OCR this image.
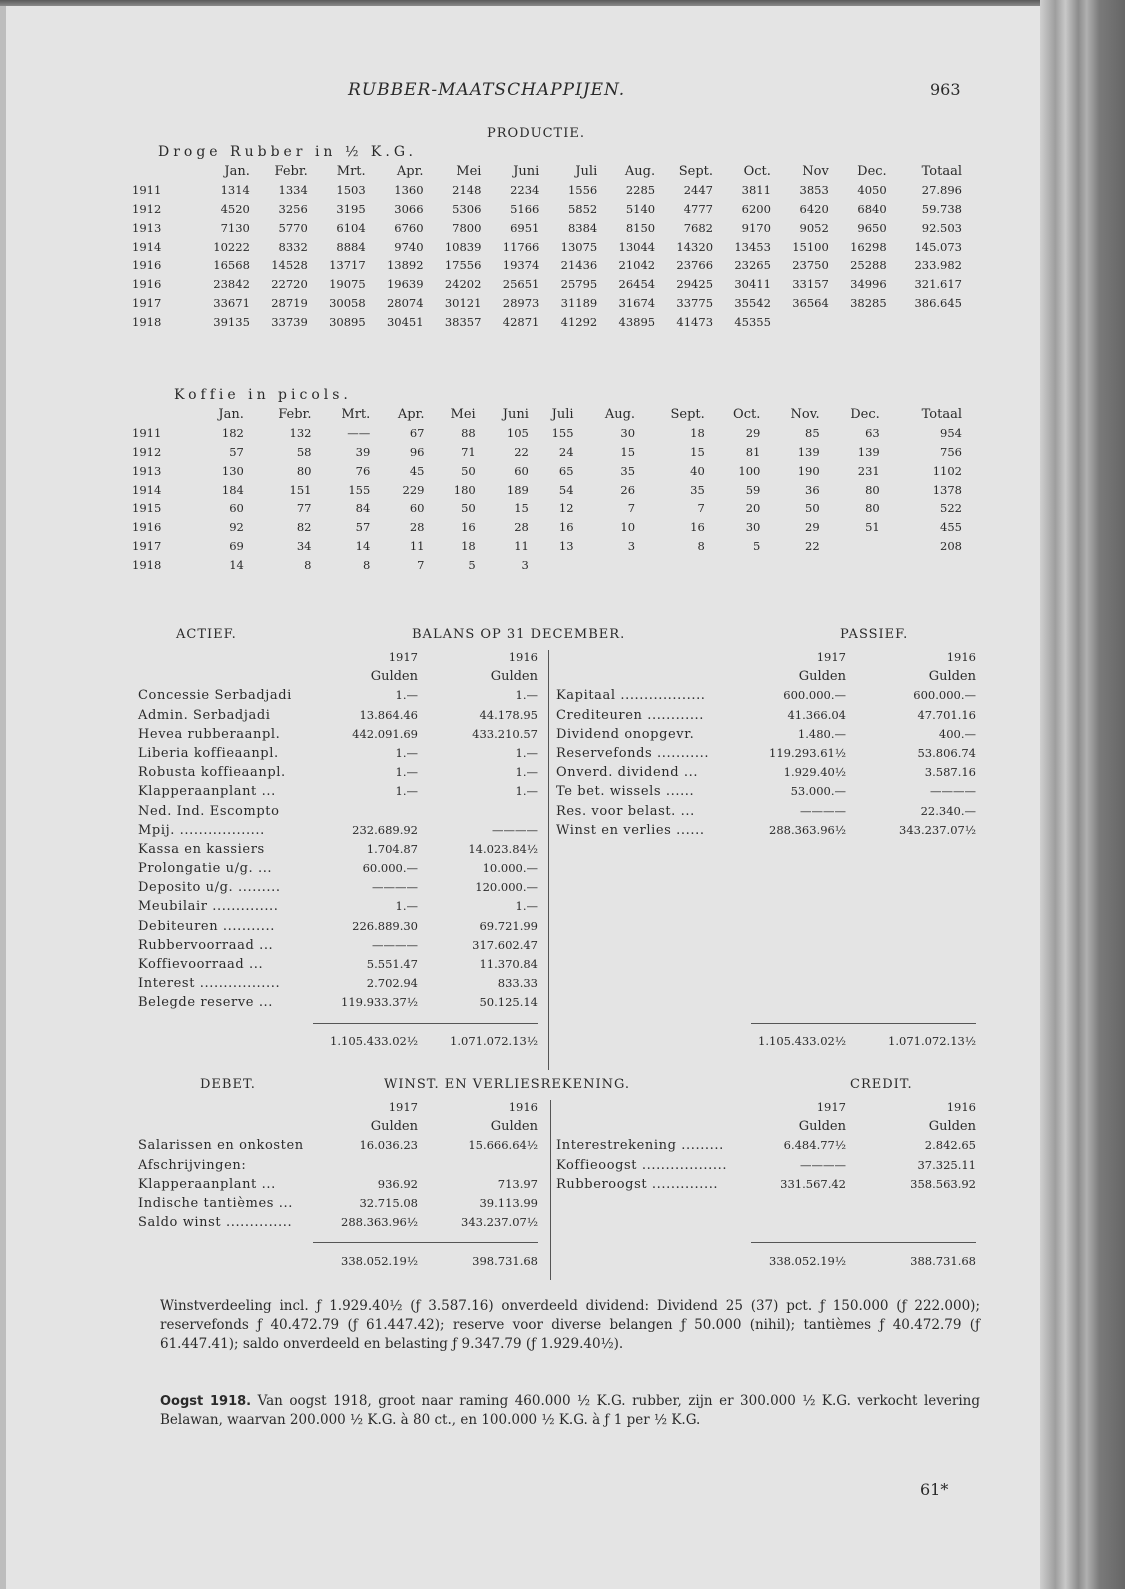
RUBBER-MAATSCHAPPIJEN.	963
PRODUCTIE.
Droge Rubber in ½ K.G.
	Jan.	Febr.	Mrt.	Apr.	Mei	Juni	Juli	Aug.	Sept.	Oct.	Nov	Dec.	Totaal
1911	1314	1334	1503	1360	2148	2234	1556	2285	2447	3811	3853	4050	27.896
1912	4520	3256	3195	3066	5306	5166	5852	5140	4777	6200	6420	6840	59.738
1913	7130	5770	6104	6760	7800	6951	8384	8150	7682	9170	9052	9650	92.503
1914	10222	8332	8884	9740	10839	11766	13075	13044	14320	13453	15100	16298	145.073
1916	16568	14528	13717	13892	17556	19374	21436	21042	23766	23265	23750	25288	233.982
1916	23842	22720	19075	19639	24202	25651	25795	26454	29425	30411	33157	34996	321.617
1917	33671	28719	30058	28074	30121	28973	31189	31674	33775	35542	36564	38285	386.645
1918	39135	33739	30895	30451	38357	42871	41292	43895	41473	45355			
Koffie in picols.
	Jan.	Febr.	Mrt.	Apr.	Mei	Juni	Juli	Aug.	Sept.	Oct.	Nov.	Dec.	Totaal
1911	182	132	——	67	88	105	155	30	18	29	85	63	954
1912	57	58	39	96	71	22	24	15	15	81	139	139	756
1913	130	80	76	45	50	60	65	35	40	100	190	231	1102
1914	184	151	155	229	180	189	54	26	35	59	36	80	1378
1915	60	77	84	60	50	15	12	7	7	20	50	80	522
1916	92	82	57	28	16	28	16	10	16	30	29	51	455
1917	69	34	14	11	18	11	13	3	8	5	22		208
1918	14	8	8	7	5	3							
ACTIEF.	BALANS OP 31 DECEMBER.	PASSIEF.
1917	1916
Gulden	Gulden
Concessie Serbadjadi	1.—	1.—
Admin. Serbadjadi	13.864.46	44.178.95
Hevea rubberaanpl.	442.091.69	433.210.57
Liberia koffieaanpl.	1.—	1.—
Robusta koffieaanpl.	1.—	1.—
Klapperaanplant ...	1.—	1.—
Ned. Ind. Escompto
Mpij. ..................	232.689.92	————
Kassa en kassiers	1.704.87	14.023.84½
Prolongatie u/g. ...	60.000.—	10.000.—
Deposito u/g. .........	————	120.000.—
Meubilair ..............	1.—	1.—
Debiteuren ...........	226.889.30	69.721.99
Rubbervoorraad ...	————	317.602.47
Koffievoorraad ...	5.551.47	11.370.84
Interest .................	2.702.94	833.33
Belegde reserve ...	119.933.37½	50.125.14
1.105.433.02½	1.071.072.13½
1917	1916
Gulden	Gulden
Kapitaal ..................	600.000.—	600.000.—
Crediteuren ............	41.366.04	47.701.16
Dividend onopgevr.	1.480.—	400.—
Reservefonds ...........	119.293.61½	53.806.74
Onverd. dividend ...	1.929.40½	3.587.16
Te bet. wissels ......	53.000.—	————
Res. voor belast. ...	————	22.340.—
Winst en verlies ......	288.363.96½	343.237.07½
1.105.433.02½	1.071.072.13½
DEBET.	WINST. EN VERLIESREKENING.	CREDIT.
1917	1916
Gulden	Gulden
Salarissen en onkosten	16.036.23	15.666.64½
Afschrijvingen:
Klapperaanplant ...	936.92	713.97
Indische tantièmes ...	32.715.08	39.113.99
Saldo winst ..............	288.363.96½	343.237.07½
338.052.19½	398.731.68
1917	1916
Gulden	Gulden
Interestrekening .........	6.484.77½	2.842.65
Koffieoogst ..................	————	37.325.11
Rubberoogst ..............	331.567.42	358.563.92
338.052.19½	388.731.68
Winstverdeeling incl. ƒ 1.929.40½ (ƒ 3.587.16) onverdeeld dividend: Dividend 25 (37) pct. ƒ 150.000 (ƒ 222.000); reservefonds ƒ 40.472.79 (ƒ 61.447.42); reserve voor diverse belangen ƒ 50.000 (nihil); tantièmes ƒ 40.472.79 (ƒ 61.447.41); saldo onverdeeld en belasting ƒ 9.347.79 (ƒ 1.929.40½).
Oogst 1918. Van oogst 1918, groot naar raming 460.000 ½ K.G. rubber, zijn er 300.000 ½ K.G. verkocht levering Belawan, waarvan 200.000 ½ K.G. à 80 ct., en 100.000 ½ K.G. à ƒ 1 per ½ K.G.
61*
